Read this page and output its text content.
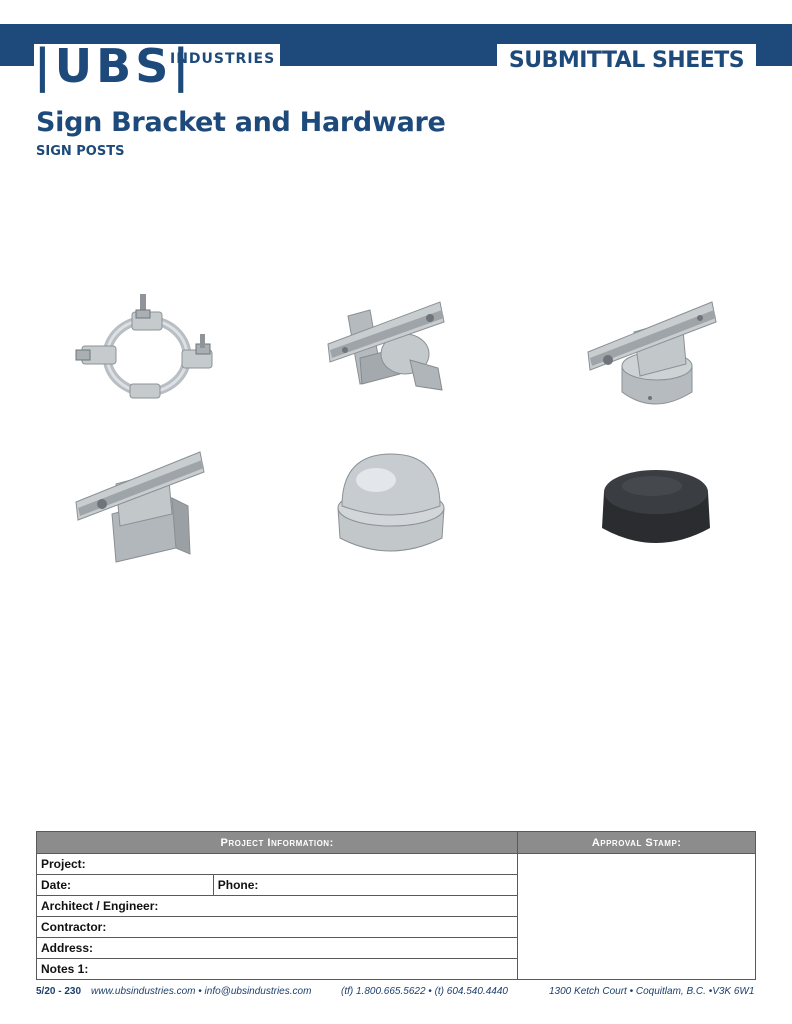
|UBS|
INDUSTRIES	SUBMITTAL SHEETS
Sign Bracket and Hardware
SIGN POSTS
Project Information:		Approval Stamp:
Project:		
Date:	Phone:	
Architect / Engineer:		
Contractor:		
Address:		
Notes 1:		
5/20 - 230 www.ubsindustries.com • info@ubsindustries.com	(tf) 1.800.665.5622 • (t) 604.540.4440	1300 Ketch Court • Coquitlam, B.C. •V3K 6W1
